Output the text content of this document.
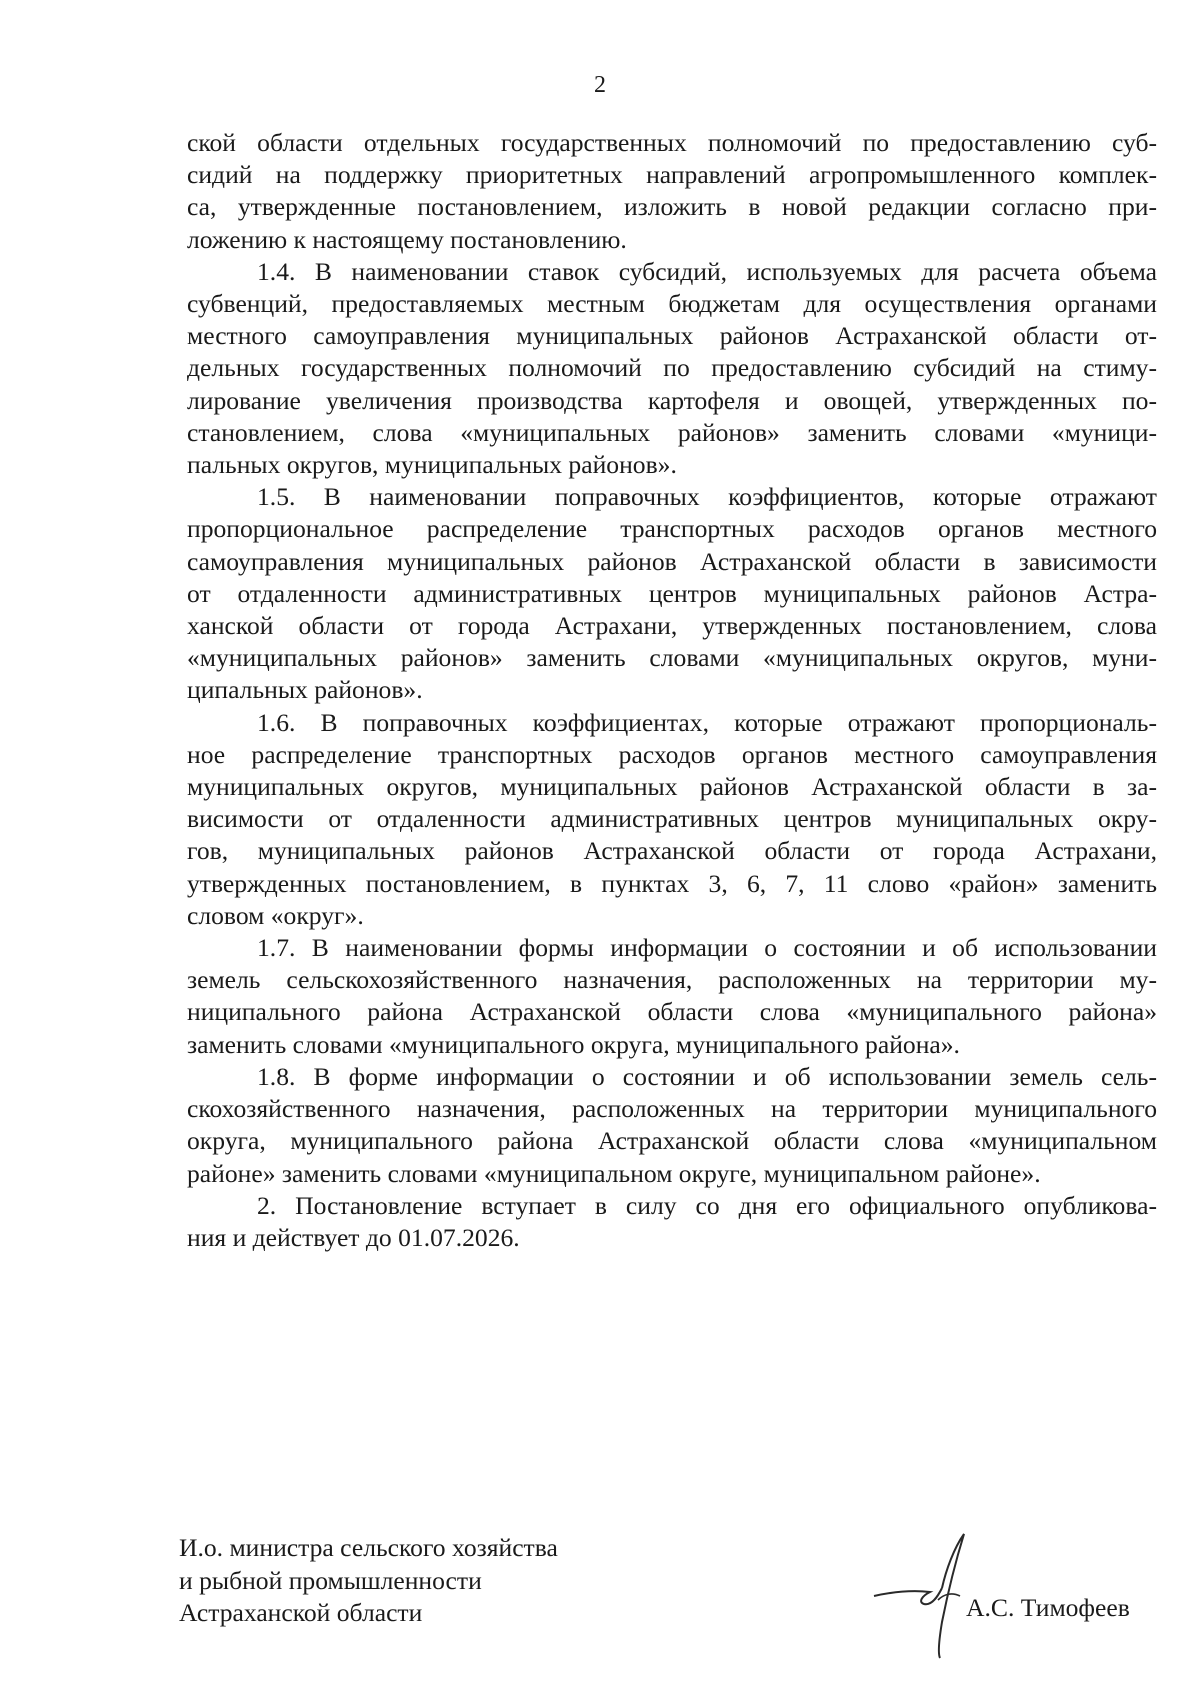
2
ской области отдельных государственных полномочий по предоставлению суб-
сидий на поддержку приоритетных направлений агропромышленного комплек-
са, утвержденные постановлением, изложить в новой редакции согласно при-
ложению к настоящему постановлению.
1.4. В наименовании ставок субсидий, используемых для расчета объема
субвенций, предоставляемых местным бюджетам для осуществления органами
местного самоуправления муниципальных районов Астраханской области от-
дельных государственных полномочий по предоставлению субсидий на стиму-
лирование увеличения производства картофеля и овощей, утвержденных по-
становлением, слова «муниципальных районов» заменить словами «муници-
пальных округов, муниципальных районов».
1.5. В наименовании поправочных коэффициентов, которые отражают
пропорциональное распределение транспортных расходов органов местного
самоуправления муниципальных районов Астраханской области в зависимости
от отдаленности административных центров муниципальных районов Астра-
ханской области от города Астрахани, утвержденных постановлением, слова
«муниципальных районов» заменить словами «муниципальных округов, муни-
ципальных районов».
1.6. В поправочных коэффициентах, которые отражают пропорциональ-
ное распределение транспортных расходов органов местного самоуправления
муниципальных округов, муниципальных районов Астраханской области в за-
висимости от отдаленности административных центров муниципальных окру-
гов, муниципальных районов Астраханской области от города Астрахани,
утвержденных постановлением, в пунктах 3, 6, 7, 11 слово «район» заменить
словом «округ».
1.7. В наименовании формы информации о состоянии и об использовании
земель сельскохозяйственного назначения, расположенных на территории му-
ниципального района Астраханской области слова «муниципального района»
заменить словами «муниципального округа, муниципального района».
1.8. В форме информации о состоянии и об использовании земель сель-
скохозяйственного назначения, расположенных на территории муниципального
округа, муниципального района Астраханской области слова «муниципальном
районе» заменить словами «муниципальном округе, муниципальном районе».
2. Постановление вступает в силу со дня его официального опубликова-
ния и действует до 01.07.2026.
И.о. министра сельского хозяйства
и рыбной промышленности
Астраханской области	А.С. Тимофеев
